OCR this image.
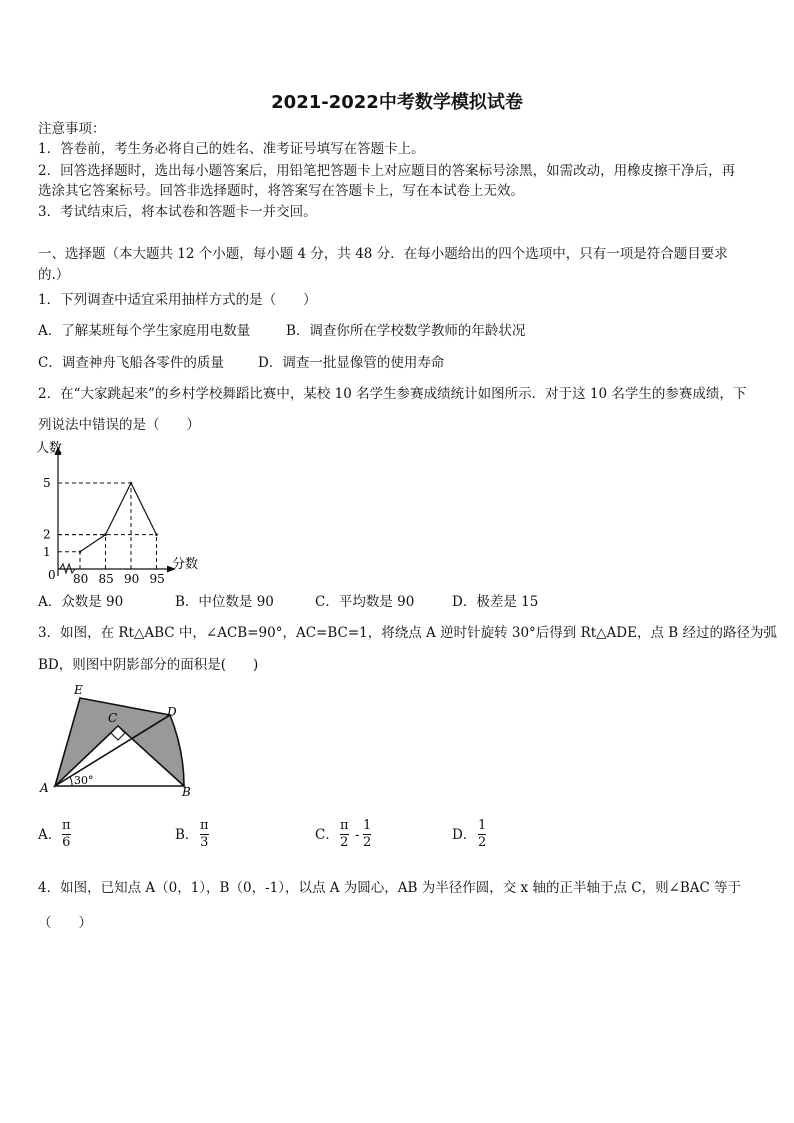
2021-2022中考数学模拟试卷
注意事项：
1．答卷前，考生务必将自己的姓名、准考证号填写在答题卡上。
2．回答选择题时，选出每小题答案后，用铅笔把答题卡上对应题目的答案标号涂黑，如需改动，用橡皮擦干净后，再
选涂其它答案标号。回答非选择题时，将答案写在答题卡上，写在本试卷上无效。
3．考试结束后，将本试卷和答题卡一并交回。
一、选择题（本大题共 12 个小题，每小题 4 分，共 48 分．在每小题给出的四个选项中，只有一项是符合题目要求
的.）
1．下列调查中适宜采用抽样方式的是（　　）
A．了解某班每个学生家庭用电数量	B．调查你所在学校数学教师的年龄状况
C．调查神舟飞船各零件的质量	D．调查一批显像管的使用寿命
2．在“大家跳起来”的乡村学校舞蹈比赛中，某校 10 名学生参赛成绩统计如图所示．对于这 10 名学生的参赛成绩，下
列说法中错误的是（　　）
人数
分数
0 80 85 90 95
1
2
5
A．众数是 90	B．中位数是 90	C．平均数是 90	D．极差是 15
3．如图，在 Rt△ABC 中，∠ACB=90°，AC=BC=1，将绕点 A 逆时针旋转 30°后得到 Rt△ADE，点 B 经过的路径为弧
BD，则图中阴影部分的面积是(　　)
E
C	D
A	B
30°
A． $\frac{\pi}{6}$	B． $\frac{\pi}{3}$	C． $\frac{\pi}{2} - \frac{1}{2}$	D． $\frac{1}{2}$
4．如图，已知点 A（0，1），B（0，-1），以点 A 为圆心，AB 为半径作圆，交 x 轴的正半轴于点 C，则∠BAC 等于
（　　）
